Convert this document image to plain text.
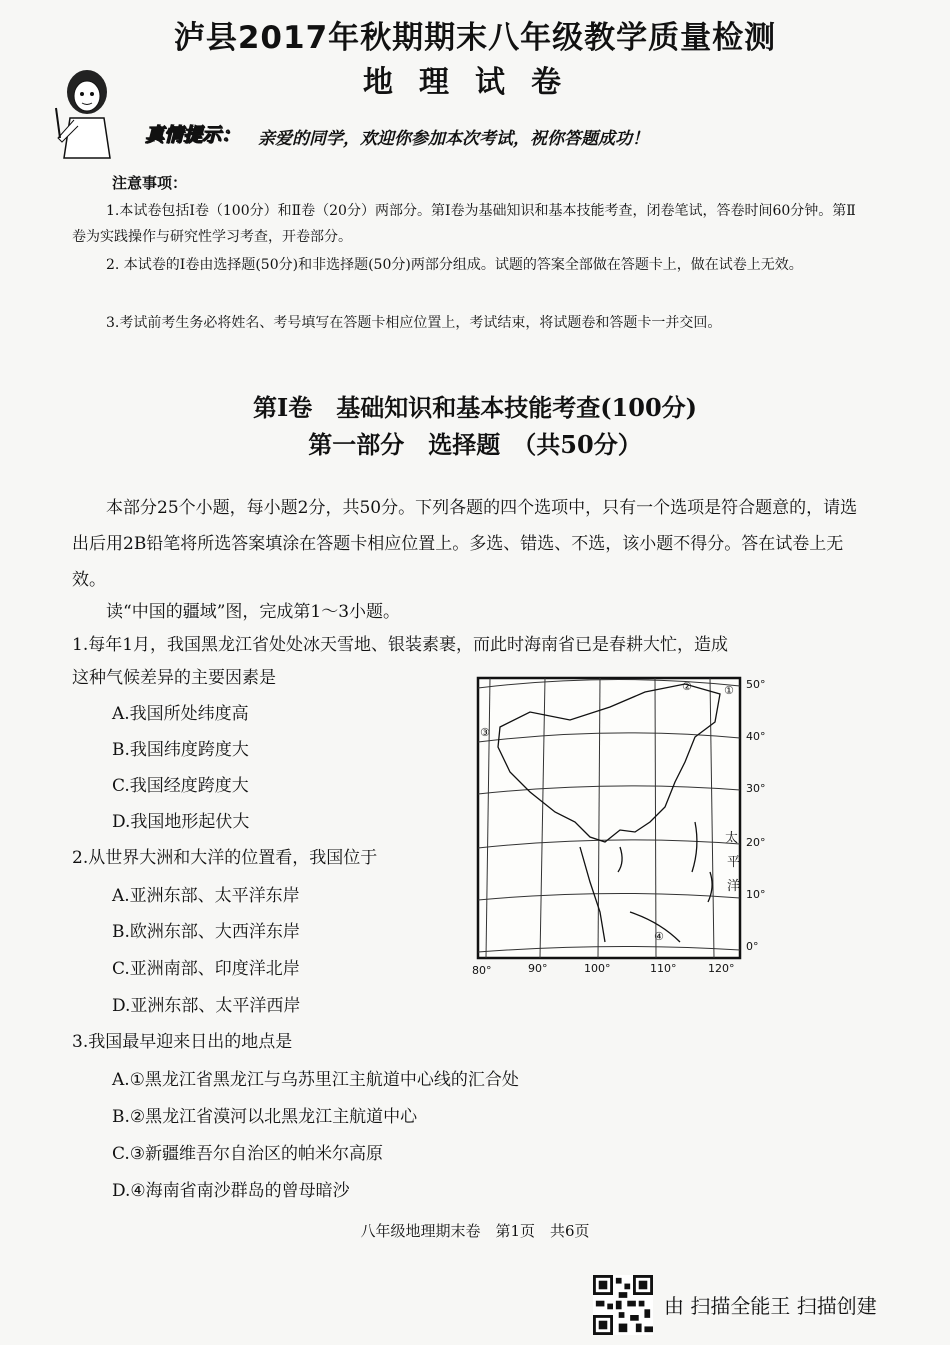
泸县2017年秋期期末八年级教学质量检测
地理试卷
真情提示： 亲爱的同学，欢迎你参加本次考试，祝你答题成功！
注意事项：
1.本试卷包括Ⅰ卷（100分）和Ⅱ卷（20分）两部分。第Ⅰ卷为基础知识和基本技能考查，闭卷笔试，答卷时间60分钟。第Ⅱ卷为实践操作与研究性学习考查，开卷部分。
2. 本试卷的Ⅰ卷由选择题(50分)和非选择题(50分)两部分组成。试题的答案全部做在答题卡上，做在试卷上无效。
3.考试前考生务必将姓名、考号填写在答题卡相应位置上，考试结束，将试题卷和答题卡一并交回。
第Ⅰ卷　基础知识和基本技能考查(100分)
第一部分　选择题　（共50分）
本部分25个小题，每小题2分，共50分。下列各题的四个选项中，只有一个选项是符合题意的，请选出后用2B铅笔将所选答案填涂在答题卡相应位置上。多选、错选、不选，该小题不得分。答在试卷上无效。
读“中国的疆域”图，完成第1～3小题。
1.每年1月，我国黑龙江省处处冰天雪地、银装素裹，而此时海南省已是春耕大忙，造成
这种气候差异的主要因素是
A.我国所处纬度高
B.我国纬度跨度大
C.我国经度跨度大
D.我国地形起伏大
2.从世界大洲和大洋的位置看，我国位于
A.亚洲东部、太平洋东岸
B.欧洲东部、大西洋东岸
C.亚洲南部、印度洋北岸
D.亚洲东部、太平洋西岸
3.我国最早迎来日出的地点是
A.①黑龙江省黑龙江与乌苏里江主航道中心线的汇合处
B.②黑龙江省漠河以北黑龙江主航道中心
C.③新疆维吾尔自治区的帕米尔高原
D.④海南省南沙群岛的曾母暗沙
①
②
③
④
太
平
洋
50°
40°
30°
20°
10°
0°
80°	90°	100°	110°	120°
八年级地理期末卷　第1页　共6页
由 扫描全能王 扫描创建
